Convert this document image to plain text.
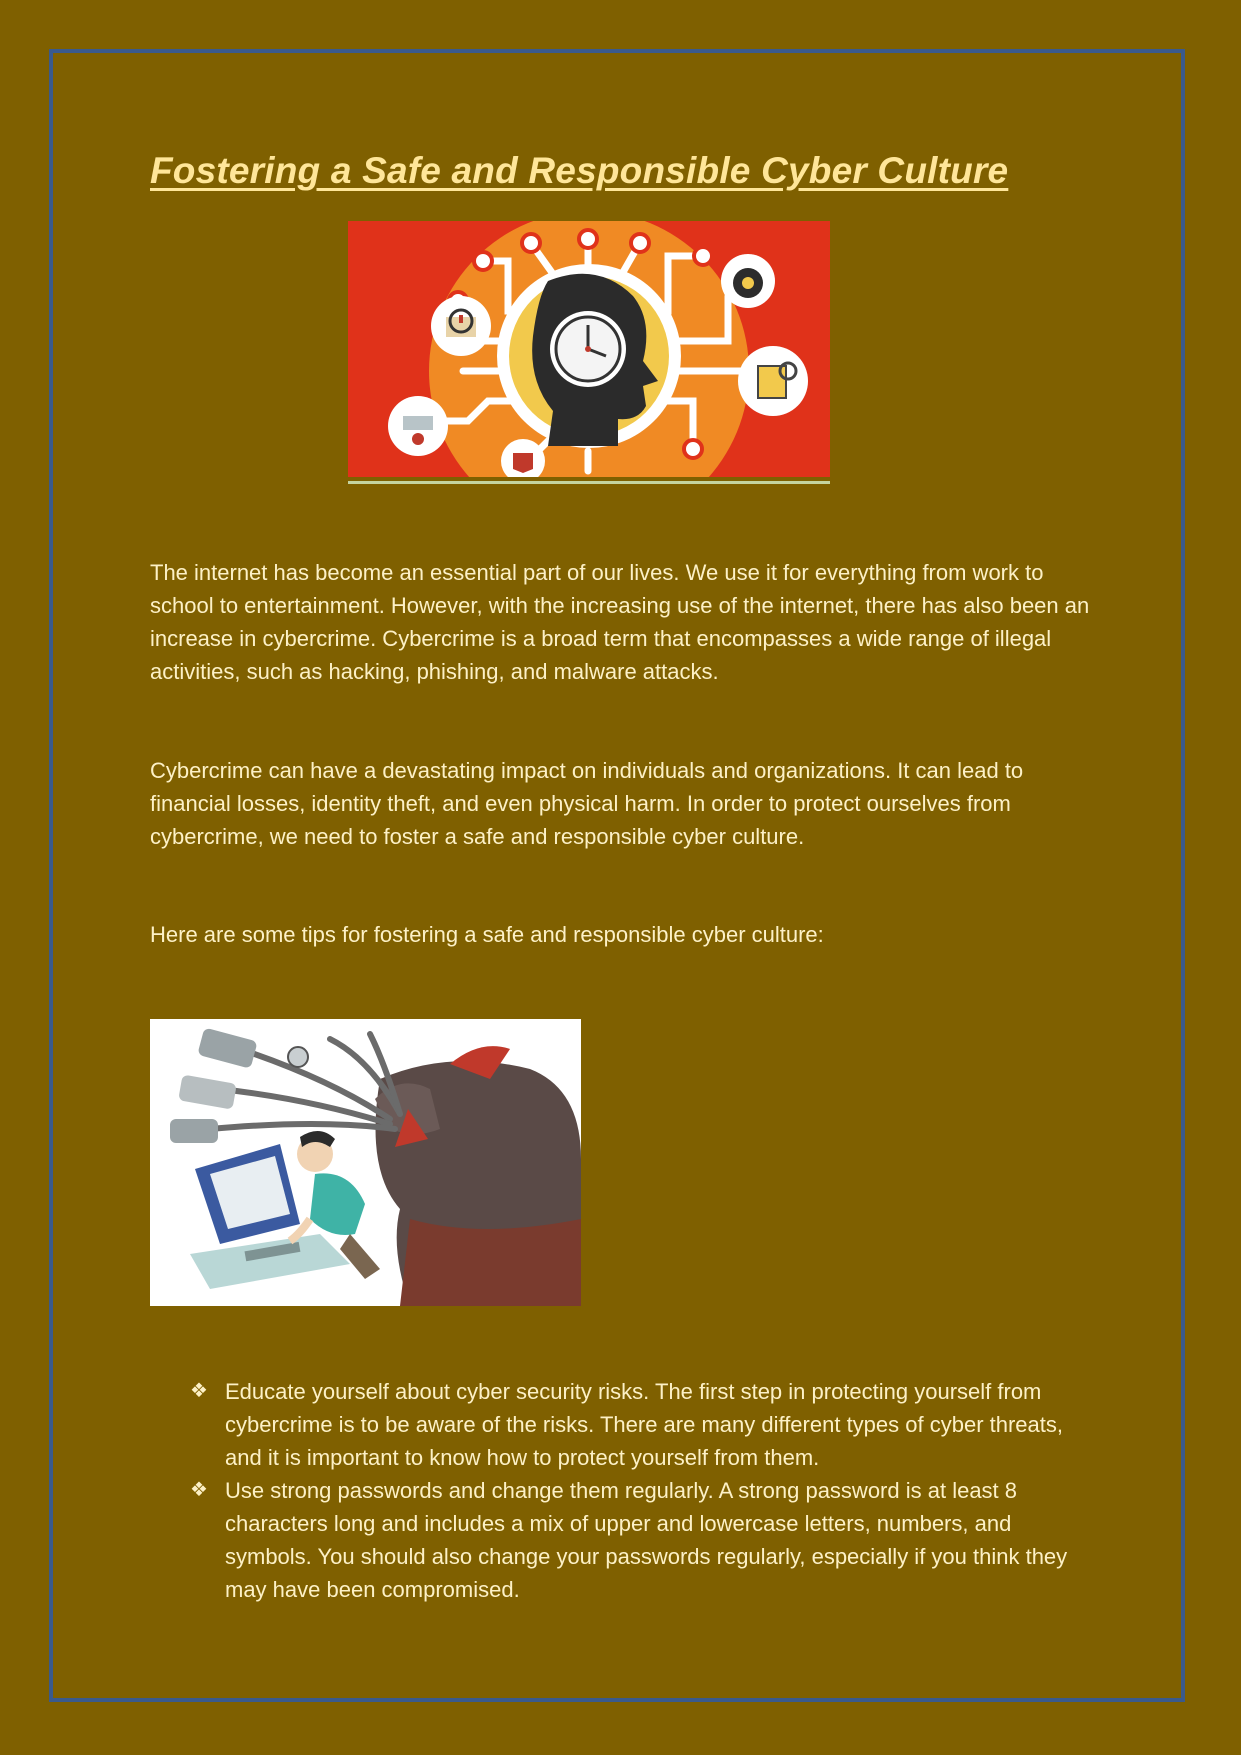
Fostering a Safe and Responsible Cyber Culture

The internet has become an essential part of our lives. We use it for everything from work to school to entertainment. However, with the increasing use of the internet, there has also been an increase in cybercrime. Cybercrime is a broad term that encompasses a wide range of illegal activities, such as hacking, phishing, and malware attacks.

Cybercrime can have a devastating impact on individuals and organizations. It can lead to financial losses, identity theft, and even physical harm. In order to protect ourselves from cybercrime, we need to foster a safe and responsible cyber culture.

Here are some tips for fostering a safe and responsible cyber culture:

❖ Educate yourself about cyber security risks. The first step in protecting yourself from cybercrime is to be aware of the risks. There are many different types of cyber threats, and it is important to know how to protect yourself from them.
❖ Use strong passwords and change them regularly. A strong password is at least 8 characters long and includes a mix of upper and lowercase letters, numbers, and symbols. You should also change your passwords regularly, especially if you think they may have been compromised.
